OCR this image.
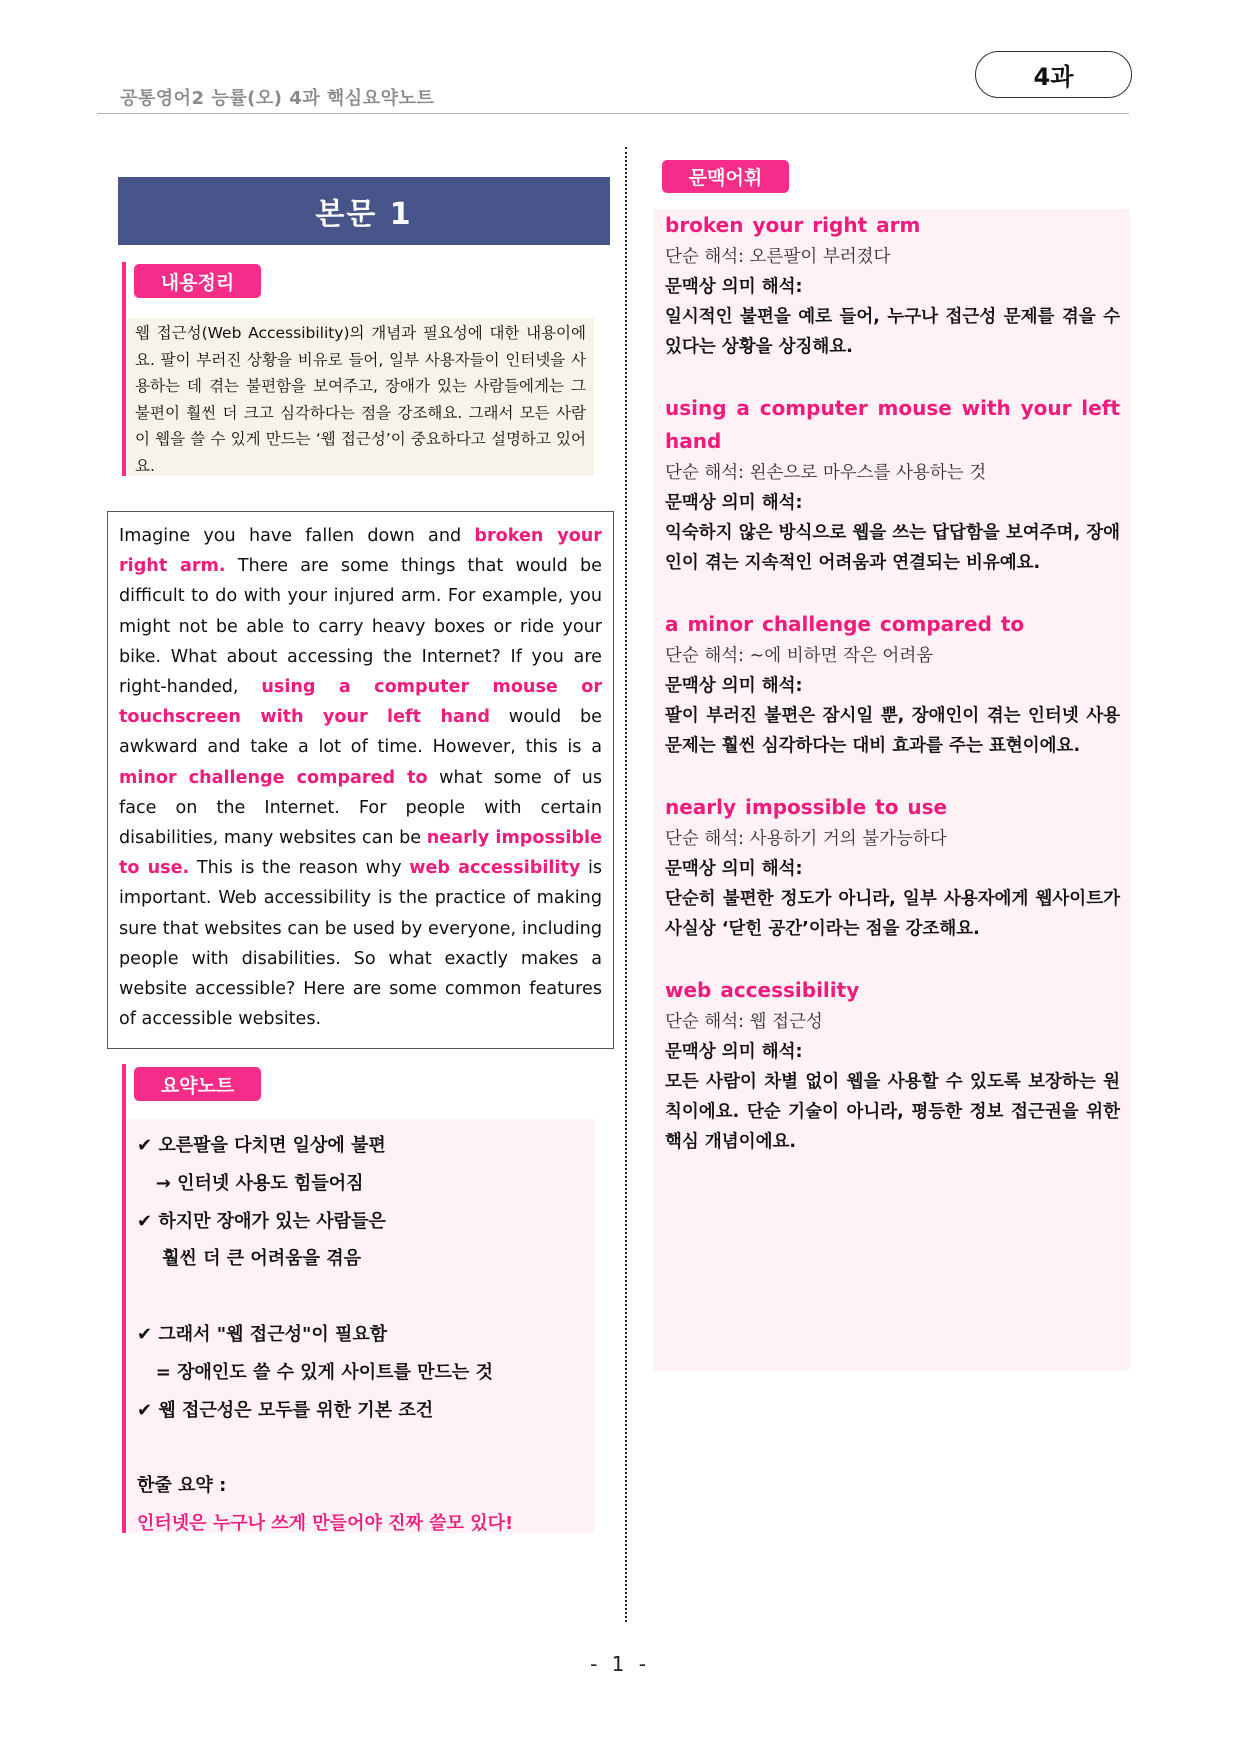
공통영어2 능률(오) 4과 핵심요약노트
4과
본문 1
내용정리
웹 접근성(Web Accessibility)의 개념과 필요성에 대한 내용이에요. 팔이 부러진 상황을 비유로 들어, 일부 사용자들이 인터넷을 사용하는 데 겪는 불편함을 보여주고, 장애가 있는 사람들에게는 그 불편이 훨씬 더 크고 심각하다는 점을 강조해요. 그래서 모든 사람이 웹을 쓸 수 있게 만드는 ‘웹 접근성’이 중요하다고 설명하고 있어요.
Imagine you have fallen down and broken your right arm. There are some things that would be difficult to do with your injured arm. For example, you might not be able to carry heavy boxes or ride your bike. What about accessing the Internet? If you are right-handed, using a computer mouse or touchscreen with your left hand would be awkward and take a lot of time. However, this is a minor challenge compared to what some of us face on the Internet. For people with certain disabilities, many websites can be nearly impossible to use. This is the reason why web accessibility is important. Web accessibility is the practice of making sure that websites can be used by everyone, including people with disabilities. So what exactly makes a website accessible? Here are some common features of accessible websites.
요약노트
✔ 오른팔을 다치면 일상에 불편
→ 인터넷 사용도 힘들어짐
✔ 하지만 장애가 있는 사람들은
훨씬 더 큰 어려움을 겪음
✔ 그래서 "웹 접근성"이 필요함
= 장애인도 쓸 수 있게 사이트를 만드는 것
✔ 웹 접근성은 모두를 위한 기본 조건
한줄 요약 :
인터넷은 누구나 쓰게 만들어야 진짜 쓸모 있다!
문맥어휘
broken your right arm
단순 해석: 오른팔이 부러졌다
문맥상 의미 해석:
일시적인 불편을 예로 들어, 누구나 접근성 문제를 겪을 수 있다는 상황을 상징해요.
using a computer mouse with your left hand
단순 해석: 왼손으로 마우스를 사용하는 것
문맥상 의미 해석:
익숙하지 않은 방식으로 웹을 쓰는 답답함을 보여주며, 장애인이 겪는 지속적인 어려움과 연결되는 비유예요.
a minor challenge compared to
단순 해석: ~에 비하면 작은 어려움
문맥상 의미 해석:
팔이 부러진 불편은 잠시일 뿐, 장애인이 겪는 인터넷 사용 문제는 훨씬 심각하다는 대비 효과를 주는 표현이에요.
nearly impossible to use
단순 해석: 사용하기 거의 불가능하다
문맥상 의미 해석:
단순히 불편한 정도가 아니라, 일부 사용자에게 웹사이트가 사실상 ‘닫힌 공간’이라는 점을 강조해요.
web accessibility
단순 해석: 웹 접근성
문맥상 의미 해석:
모든 사람이 차별 없이 웹을 사용할 수 있도록 보장하는 원칙이에요. 단순 기술이 아니라, 평등한 정보 접근권을 위한 핵심 개념이에요.
- 1 -
